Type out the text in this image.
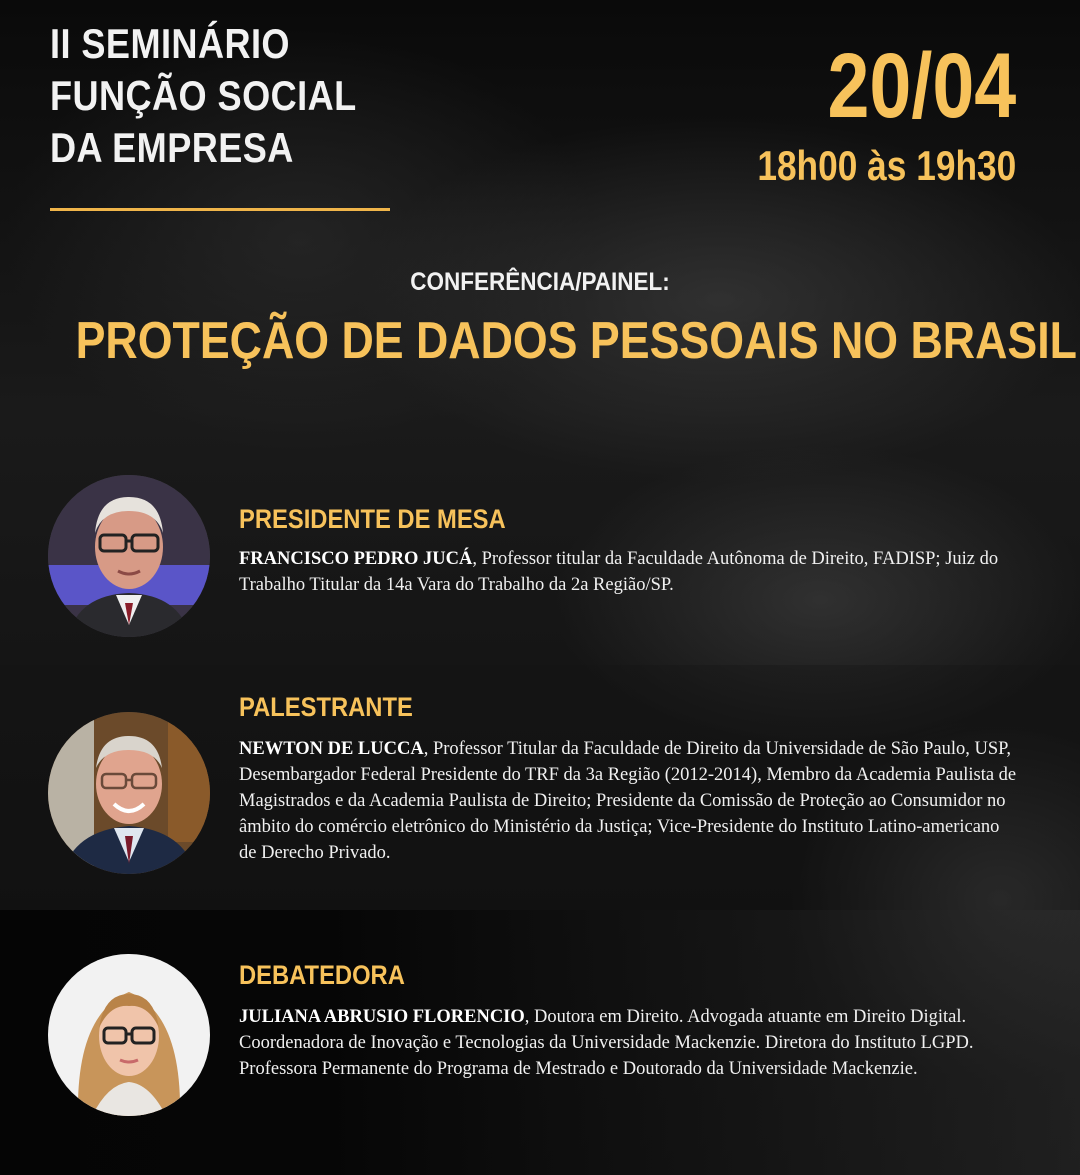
II SEMINÁRIO
FUNÇÃO SOCIAL
DA EMPRESA
20/04
18h00 às 19h30
CONFERÊNCIA/PAINEL:
PROTEÇÃO DE DADOS PESSOAIS NO BRASIL
PRESIDENTE DE MESA
FRANCISCO PEDRO JUCÁ, Professor titular da Faculdade Autônoma de Direito, FADISP; Juiz do Trabalho Titular da 14a Vara do Trabalho da 2a Região/SP.
PALESTRANTE
NEWTON DE LUCCA, Professor Titular da Faculdade de Direito da Universidade de São Paulo, USP, Desembargador Federal Presidente do TRF da 3a Região (2012-2014), Membro da Academia Paulista de Magistrados e da Academia Paulista de Direito; Presidente da Comissão de Proteção ao Consumidor no âmbito do comércio eletrônico do Ministério da Justiça; Vice-Presidente do Instituto Latino-americano de Derecho Privado.
DEBATEDORA
JULIANA ABRUSIO FLORENCIO, Doutora em Direito. Advogada atuante em Direito Digital. Coordenadora de Inovação e Tecnologias da Universidade Mackenzie. Diretora do Instituto LGPD. Professora Permanente do Programa de Mestrado e Doutorado da Universidade Mackenzie.
